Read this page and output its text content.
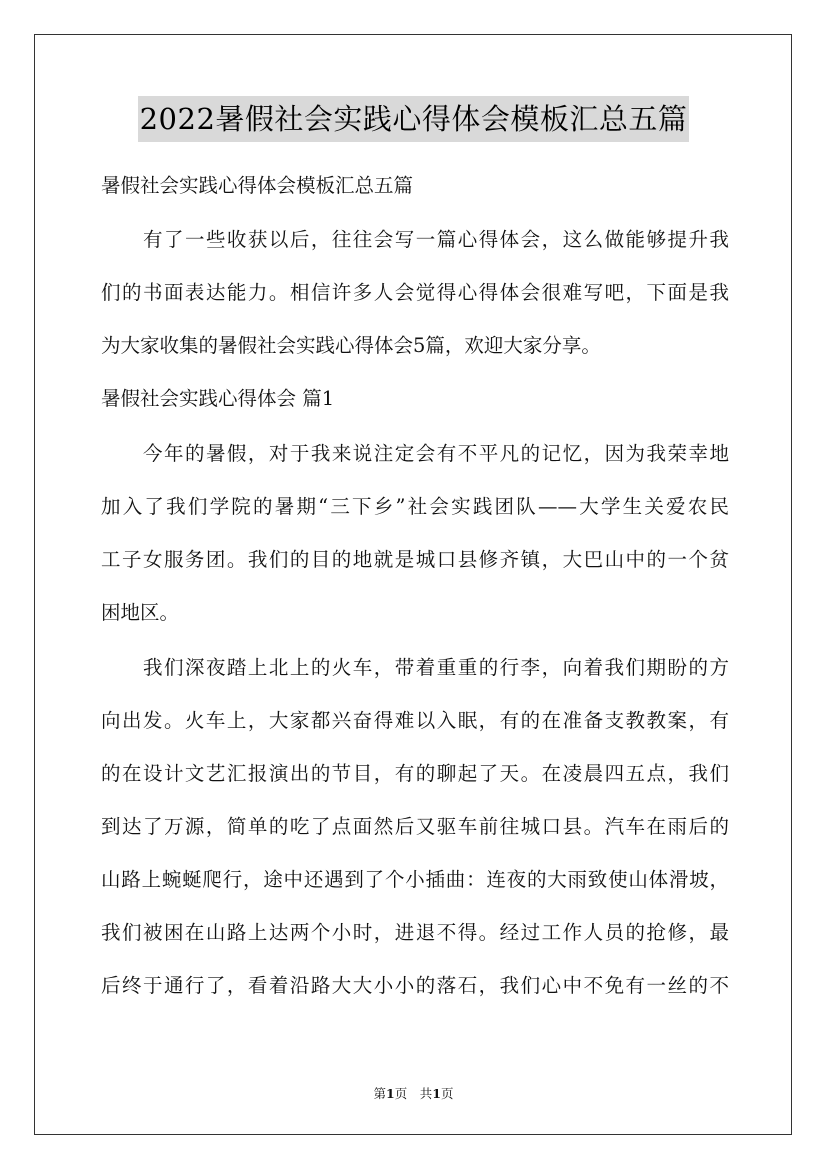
2022暑假社会实践心得体会模板汇总五篇
暑假社会实践心得体会模板汇总五篇
有了一些收获以后，往往会写一篇心得体会，这么做能够提升我
们的书面表达能力。相信许多人会觉得心得体会很难写吧，下面是我
为大家收集的暑假社会实践心得体会5篇，欢迎大家分享。
暑假社会实践心得体会 篇1
今年的暑假，对于我来说注定会有不平凡的记忆，因为我荣幸地
加入了我们学院的暑期“三下乡”社会实践团队——大学生关爱农民
工子女服务团。我们的目的地就是城口县修齐镇，大巴山中的一个贫
困地区。
我们深夜踏上北上的火车，带着重重的行李，向着我们期盼的方
向出发。火车上，大家都兴奋得难以入眠，有的在准备支教教案，有
的在设计文艺汇报演出的节目，有的聊起了天。在凌晨四五点，我们
到达了万源，简单的吃了点面然后又驱车前往城口县。汽车在雨后的
山路上蜿蜒爬行，途中还遇到了个小插曲：连夜的大雨致使山体滑坡，
我们被困在山路上达两个小时，进退不得。经过工作人员的抢修，最
后终于通行了，看着沿路大大小小的落石，我们心中不免有一丝的不
第1页　共1页
